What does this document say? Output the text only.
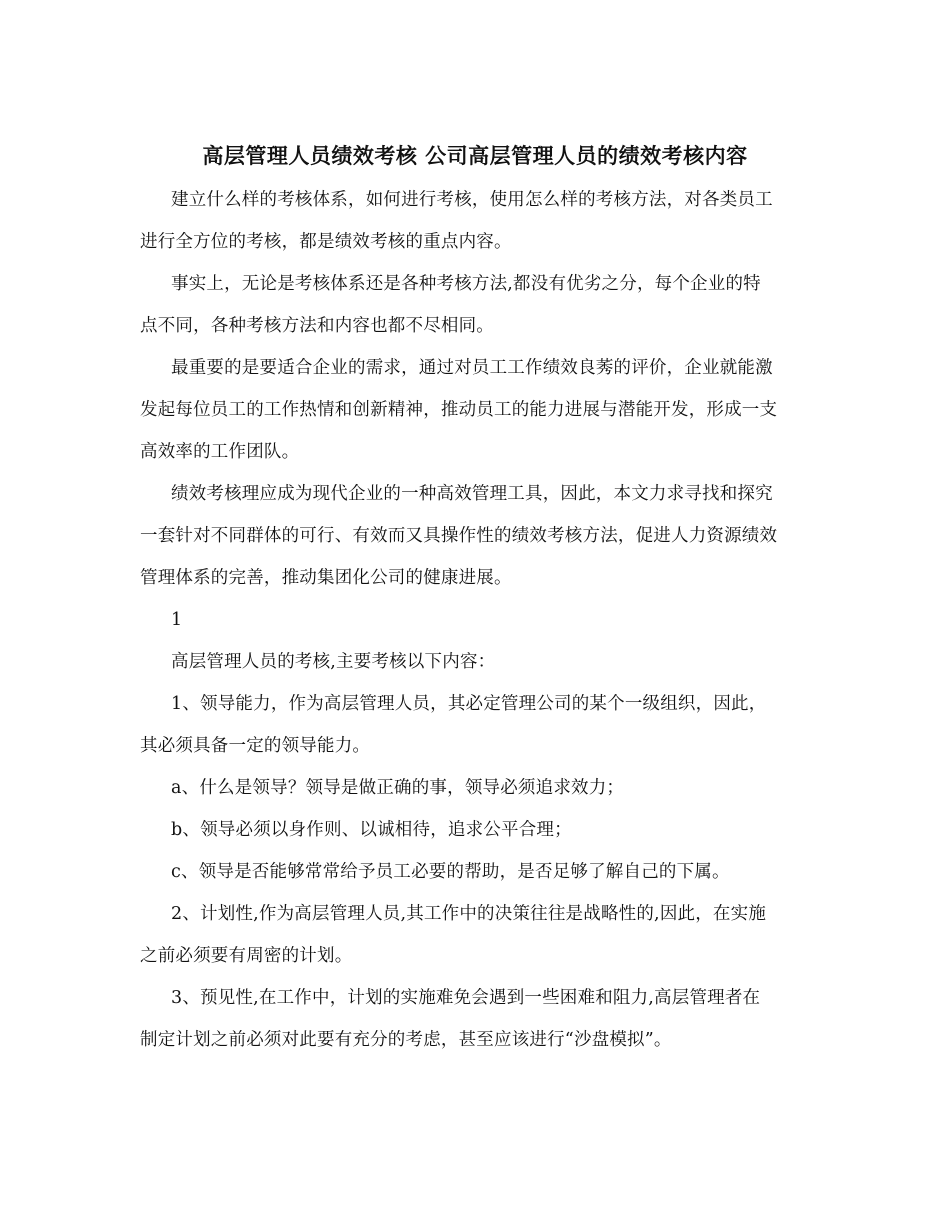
高层管理人员绩效考核 公司高层管理人员的绩效考核内容
建立什么样的考核体系，如何进行考核，使用怎么样的考核方法，对各类员工
进行全方位的考核，都是绩效考核的重点内容。
事实上，无论是考核体系还是各种考核方法,都没有优劣之分，每个企业的特
点不同，各种考核方法和内容也都不尽相同。
最重要的是要适合企业的需求，通过对员工工作绩效良莠的评价，企业就能激
发起每位员工的工作热情和创新精神，推动员工的能力进展与潜能开发，形成一支
高效率的工作团队。
绩效考核理应成为现代企业的一种高效管理工具，因此，本文力求寻找和探究
一套针对不同群体的可行、有效而又具操作性的绩效考核方法，促进人力资源绩效
管理体系的完善，推动集团化公司的健康进展。
1
高层管理人员的考核,主要考核以下内容：
1、领导能力，作为高层管理人员，其必定管理公司的某个一级组织，因此，
其必须具备一定的领导能力。
a、什么是领导？领导是做正确的事，领导必须追求效力；
b、领导必须以身作则、以诚相待，追求公平合理；
c、领导是否能够常常给予员工必要的帮助，是否足够了解自己的下属。
2、计划性,作为高层管理人员,其工作中的决策往往是战略性的,因此，在实施
之前必须要有周密的计划。
3、预见性,在工作中，计划的实施难免会遇到一些困难和阻力,高层管理者在
制定计划之前必须对此要有充分的考虑，甚至应该进行“沙盘模拟”。
